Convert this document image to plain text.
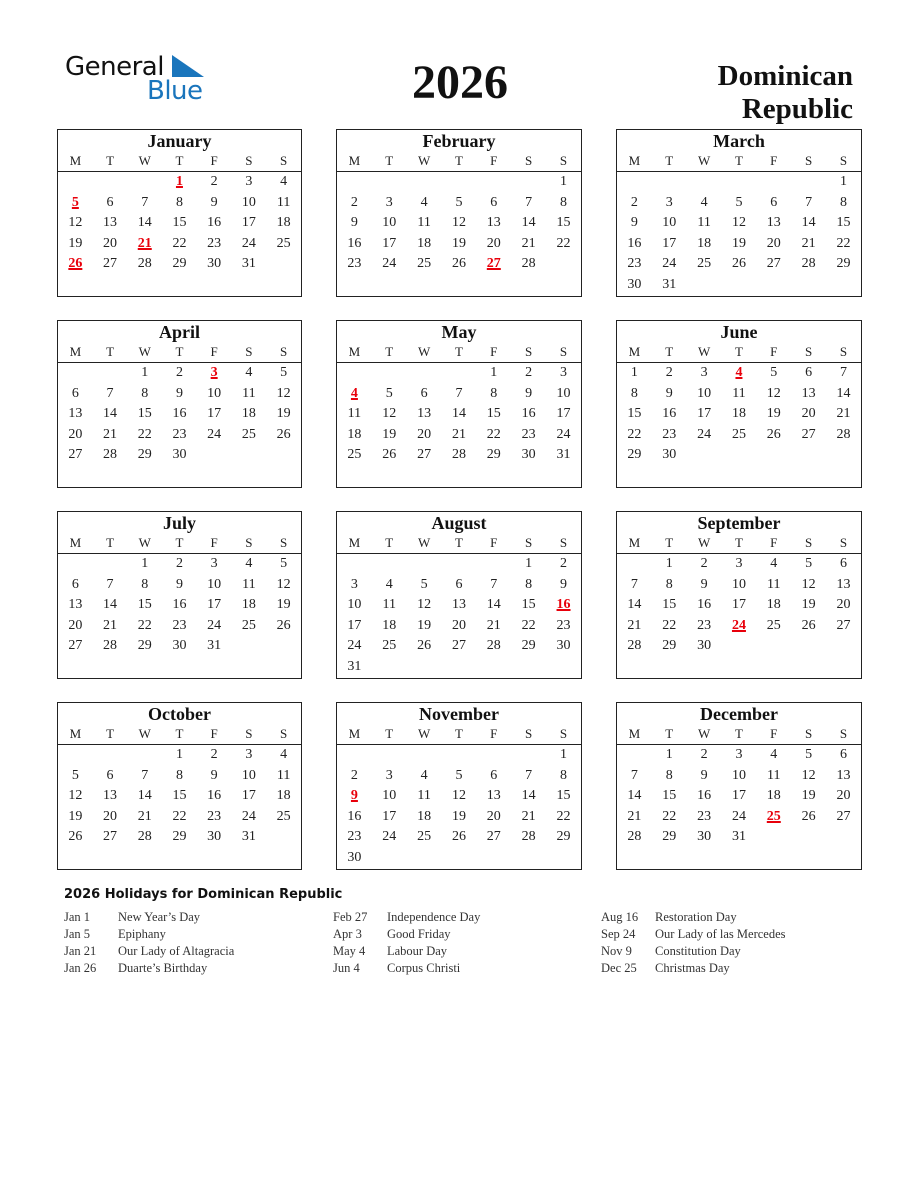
General
Blue	2026	Dominican
Republic
January
M	T	W	T	F	S	S
			1	2	3	4
5	6	7	8	9	10	11
12	13	14	15	16	17	18
19	20	21	22	23	24	25
26	27	28	29	30	31	

February
M	T	W	T	F	S	S
						1
2	3	4	5	6	7	8
9	10	11	12	13	14	15
16	17	18	19	20	21	22
23	24	25	26	27	28	

March
M	T	W	T	F	S	S
						1
2	3	4	5	6	7	8
9	10	11	12	13	14	15
16	17	18	19	20	21	22
23	24	25	26	27	28	29
30	31					
April
M	T	W	T	F	S	S
		1	2	3	4	5
6	7	8	9	10	11	12
13	14	15	16	17	18	19
20	21	22	23	24	25	26
27	28	29	30			

May
M	T	W	T	F	S	S
				1	2	3
4	5	6	7	8	9	10
11	12	13	14	15	16	17
18	19	20	21	22	23	24
25	26	27	28	29	30	31

June
M	T	W	T	F	S	S
1	2	3	4	5	6	7
8	9	10	11	12	13	14
15	16	17	18	19	20	21
22	23	24	25	26	27	28
29	30					

July
M	T	W	T	F	S	S
		1	2	3	4	5
6	7	8	9	10	11	12
13	14	15	16	17	18	19
20	21	22	23	24	25	26
27	28	29	30	31		

August
M	T	W	T	F	S	S
					1	2
3	4	5	6	7	8	9
10	11	12	13	14	15	16
17	18	19	20	21	22	23
24	25	26	27	28	29	30
31						
September
M	T	W	T	F	S	S
	1	2	3	4	5	6
7	8	9	10	11	12	13
14	15	16	17	18	19	20
21	22	23	24	25	26	27
28	29	30				

October
M	T	W	T	F	S	S
			1	2	3	4
5	6	7	8	9	10	11
12	13	14	15	16	17	18
19	20	21	22	23	24	25
26	27	28	29	30	31	

November
M	T	W	T	F	S	S
						1
2	3	4	5	6	7	8
9	10	11	12	13	14	15
16	17	18	19	20	21	22
23	24	25	26	27	28	29
30						
December
M	T	W	T	F	S	S
	1	2	3	4	5	6
7	8	9	10	11	12	13
14	15	16	17	18	19	20
21	22	23	24	25	26	27
28	29	30	31			

2026 Holidays for Dominican Republic
Jan 1 New Year’s Day
Jan 5 Epiphany
Jan 21 Our Lady of Altagracia
Jan 26 Duarte’s Birthday
Feb 27 Independence Day
Apr 3 Good Friday
May 4 Labour Day
Jun 4 Corpus Christi
Aug 16 Restoration Day
Sep 24 Our Lady of las Mercedes
Nov 9 Constitution Day
Dec 25 Christmas Day
